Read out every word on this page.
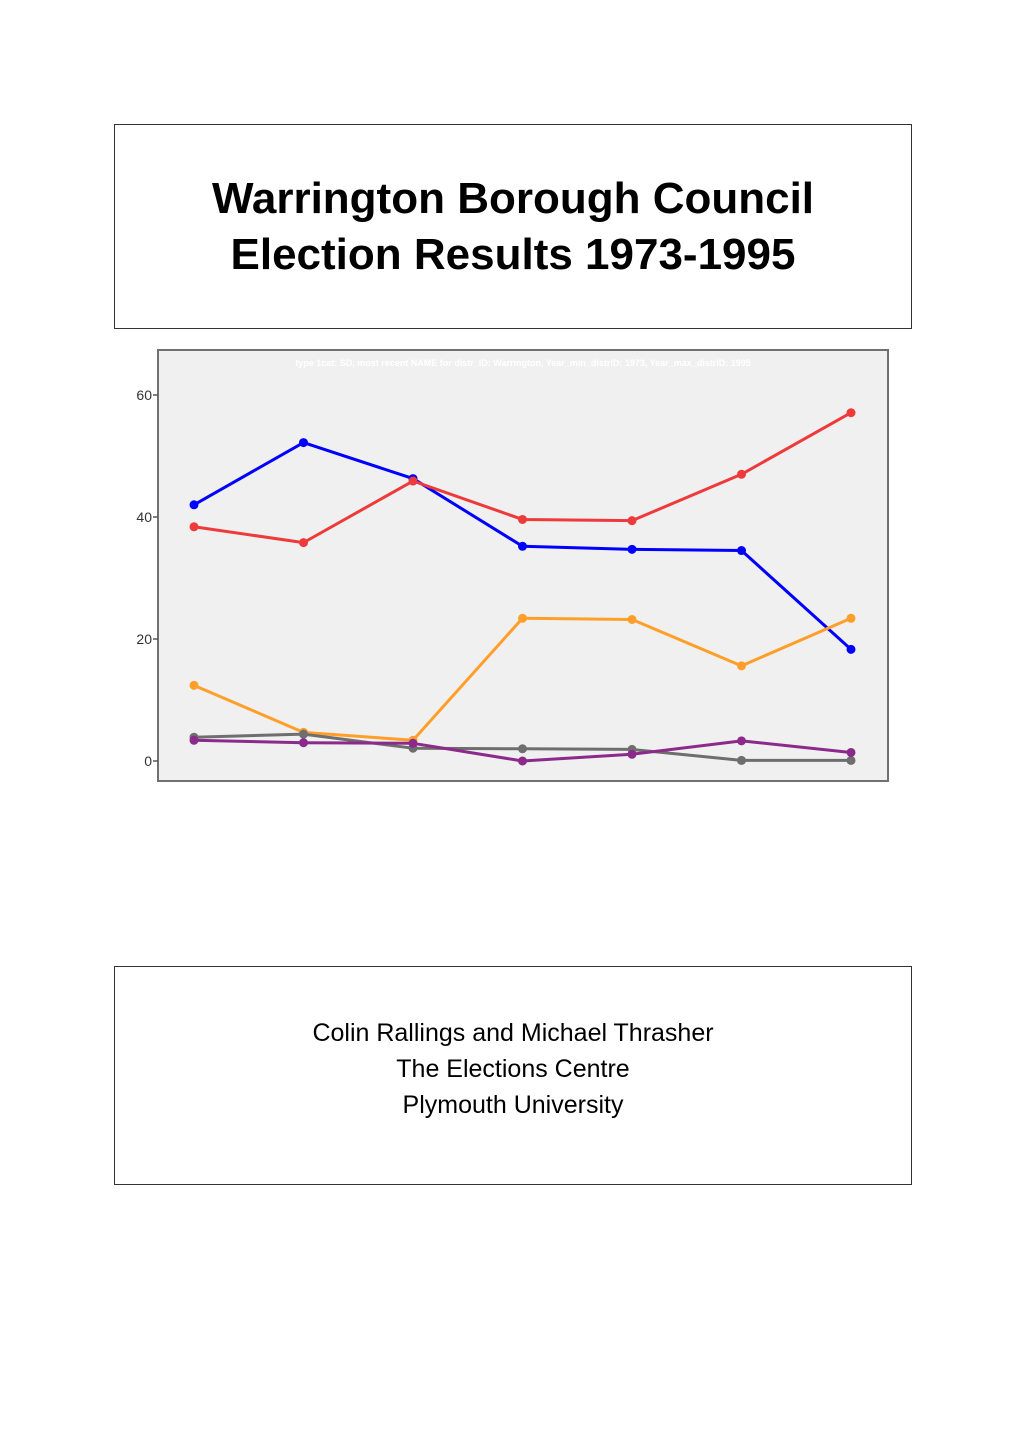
Warrington Borough Council
Election Results 1973-1995
type 1cat: SD, most recent NAME for distr_ID: Warrington, Year_min_distrID: 1973, Year_max_distrID: 1995
0
20
40
60
Colin Rallings and Michael Thrasher
The Elections Centre
Plymouth University
